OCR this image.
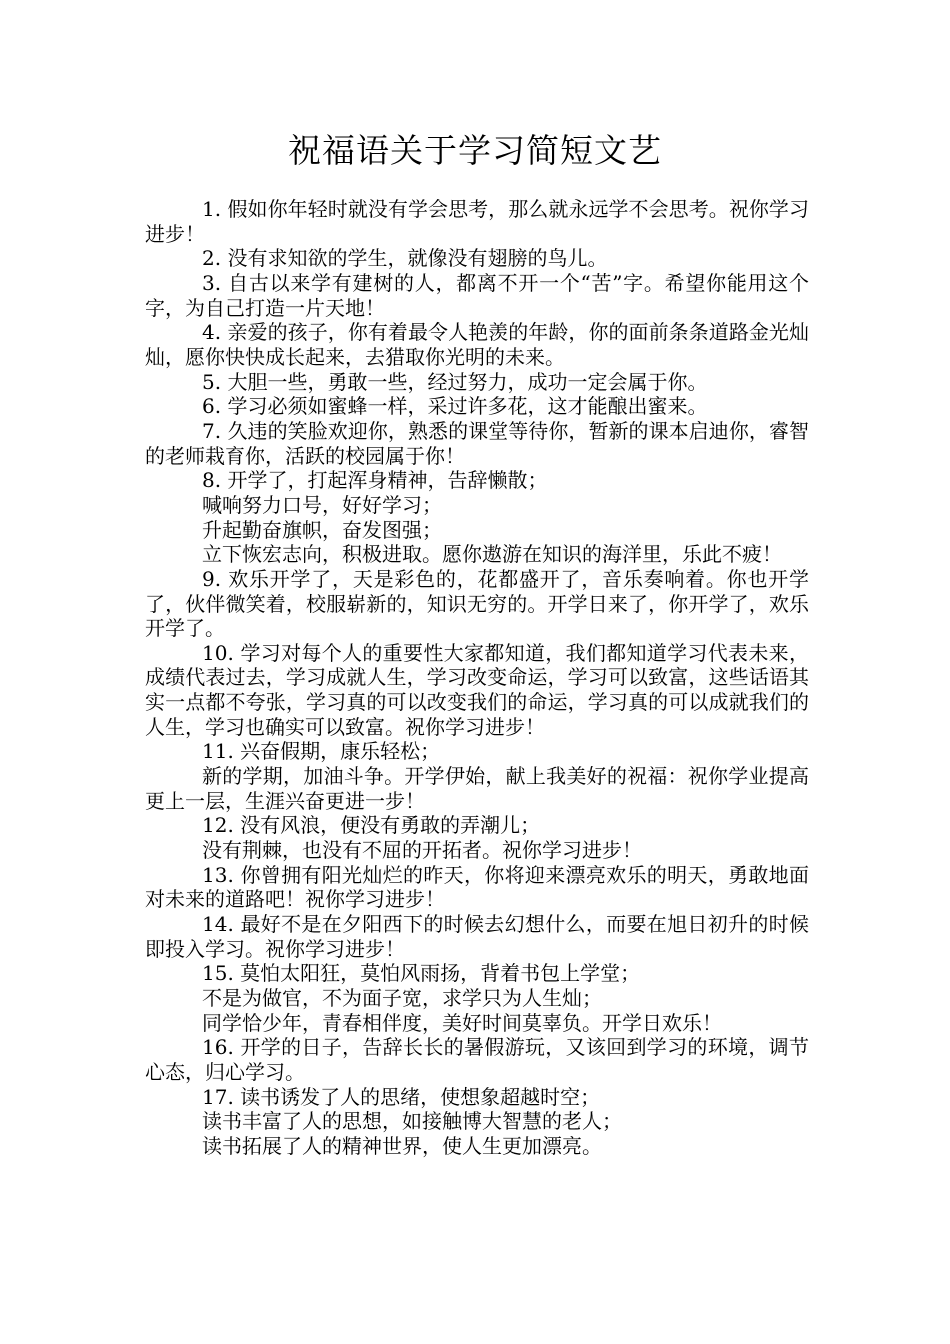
祝福语关于学习简短文艺

1. 假如你年轻时就没有学会思考，那么就永远学不会思考。祝你学习进步！

2. 没有求知欲的学生，就像没有翅膀的鸟儿。

3. 自古以来学有建树的人，都离不开一个“苦”字。希望你能用这个字，为自己打造一片天地！

4. 亲爱的孩子，你有着最令人艳羡的年龄，你的面前条条道路金光灿灿，愿你快快成长起来，去猎取你光明的未来。

5. 大胆一些，勇敢一些，经过努力，成功一定会属于你。

6. 学习必须如蜜蜂一样，采过许多花，这才能酿出蜜来。

7. 久违的笑脸欢迎你，熟悉的课堂等待你，暂新的课本启迪你，睿智的老师栽育你，活跃的校园属于你！

8. 开学了，打起浑身精神，告辞懒散；

喊响努力口号，好好学习；

升起勤奋旗帜，奋发图强；

立下恢宏志向，积极进取。愿你遨游在知识的海洋里，乐此不疲！

9. 欢乐开学了，天是彩色的，花都盛开了，音乐奏响着。你也开学了，伙伴微笑着，校服崭新的，知识无穷的。开学日来了，你开学了，欢乐开学了。

10. 学习对每个人的重要性大家都知道，我们都知道学习代表未来，成绩代表过去，学习成就人生，学习改变命运，学习可以致富，这些话语其实一点都不夸张，学习真的可以改变我们的命运，学习真的可以成就我们的人生，学习也确实可以致富。祝你学习进步！

11. 兴奋假期，康乐轻松；

新的学期，加油斗争。开学伊始，献上我美好的祝福：祝你学业提高更上一层，生涯兴奋更进一步！

12. 没有风浪，便没有勇敢的弄潮儿；

没有荆棘，也没有不屈的开拓者。祝你学习进步！

13. 你曾拥有阳光灿烂的昨天，你将迎来漂亮欢乐的明天，勇敢地面对未来的道路吧！祝你学习进步！

14. 最好不是在夕阳西下的时候去幻想什么，而要在旭日初升的时候即投入学习。祝你学习进步！

15. 莫怕太阳狂，莫怕风雨扬，背着书包上学堂；

不是为做官，不为面子宽，求学只为人生灿；

同学恰少年，青春相伴度，美好时间莫辜负。开学日欢乐！

16. 开学的日子，告辞长长的暑假游玩，又该回到学习的环境，调节心态，归心学习。

17. 读书诱发了人的思绪，使想象超越时空；

读书丰富了人的思想，如接触博大智慧的老人；

读书拓展了人的精神世界，使人生更加漂亮。
